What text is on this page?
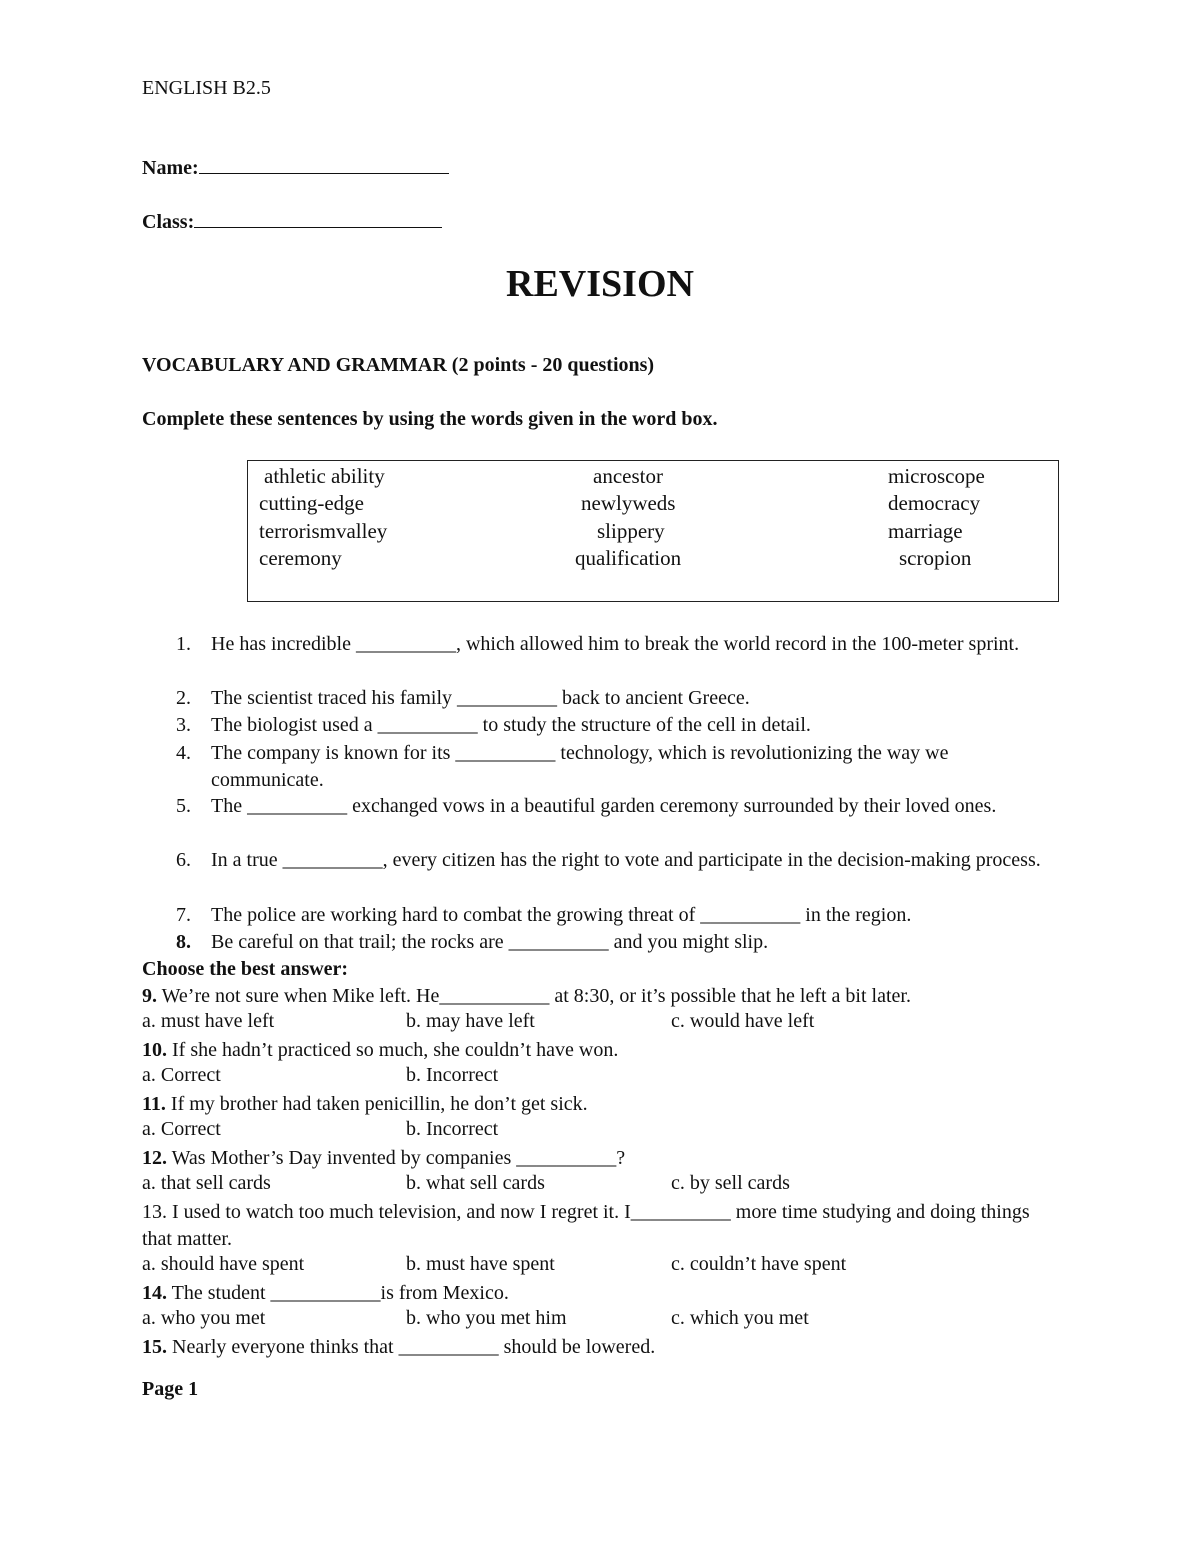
ENGLISH B2.5
Name:
Class:
REVISION
VOCABULARY AND GRAMMAR (2 points - 20 questions)
Complete these sentences by using the words given in the word box.
athletic ability	ancestor	microscope
cutting-edge	newlyweds	democracy
terrorismvalley	slippery	marriage
ceremony	qualification	scropion
1.	He has incredible __________, which allowed him to break the world record in the 100-meter sprint.
2.	The scientist traced his family __________ back to ancient Greece.
3.	The biologist used a __________ to study the structure of the cell in detail.
4.	The company is known for its __________ technology, which is revolutionizing the way we communicate.
5.	The __________ exchanged vows in a beautiful garden ceremony surrounded by their loved ones.
6.	In a true __________, every citizen has the right to vote and participate in the decision-making process.
7.	The police are working hard to combat the growing threat of __________ in the region.
8.	Be careful on that trail; the rocks are __________ and you might slip.
Choose the best answer:
9. We’re not sure when Mike left. He___________ at 8:30, or it’s possible that he left a bit later.
a. must have left	b. may have left	c. would have left
10. If she hadn’t practiced so much, she couldn’t have won.
a. Correct	b. Incorrect
11. If my brother had taken penicillin, he don’t get sick.
a. Correct	b. Incorrect
12. Was Mother’s Day invented by companies __________?
a. that sell cards	b. what sell cards	c. by sell cards
13. I used to watch too much television, and now I regret it. I__________ more time studying and doing things that matter.
a. should have spent	b. must have spent	c. couldn’t have spent
14. The student ___________is from Mexico.
a. who you met	b. who you met him	c. which you met
15. Nearly everyone thinks that __________ should be lowered.
Page 1
